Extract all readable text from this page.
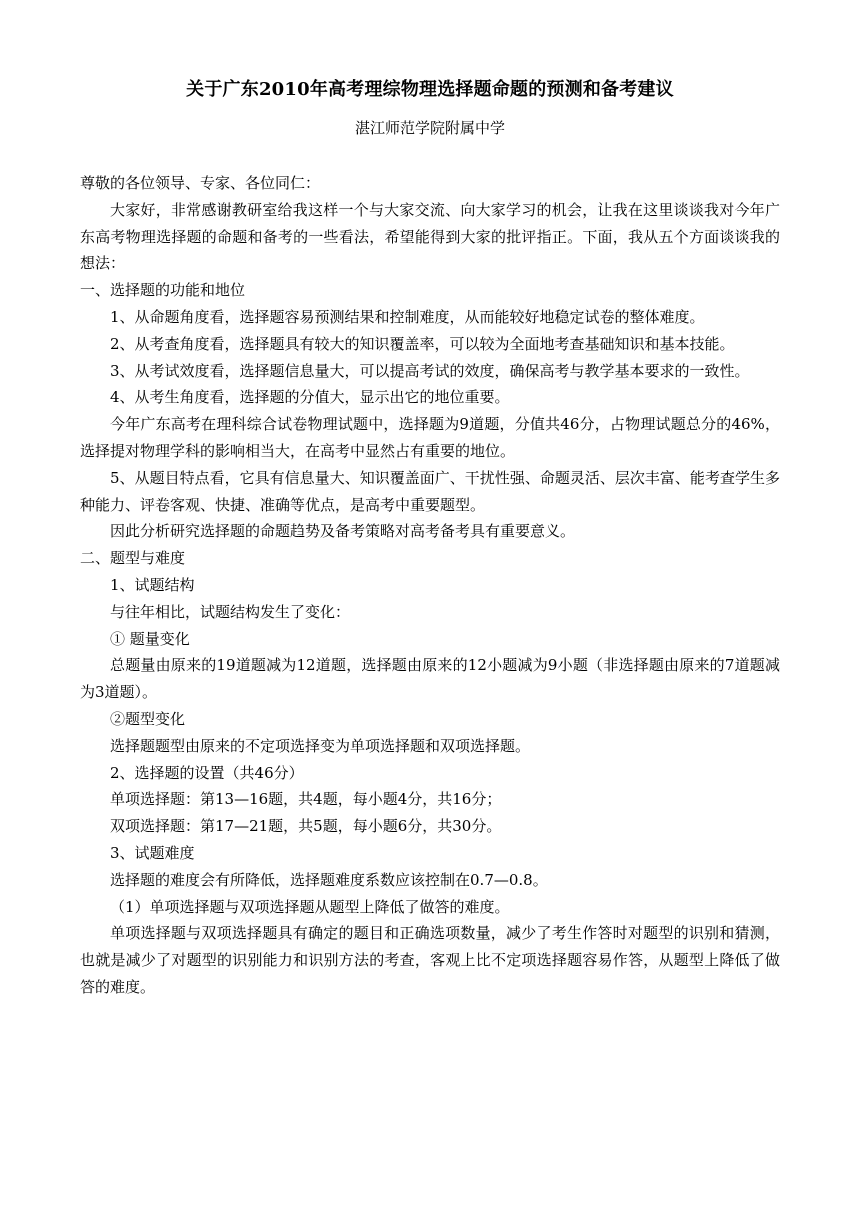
关于广东2010年高考理综物理选择题命题的预测和备考建议
湛江师范学院附属中学

尊敬的各位领导、专家、各位同仁：

大家好，非常感谢教研室给我这样一个与大家交流、向大家学习的机会，让我在这里谈谈我对今年广东高考物理选择题的命题和备考的一些看法，希望能得到大家的批评指正。下面，我从五个方面谈谈我的想法：

一、选择题的功能和地位

1、从命题角度看，选择题容易预测结果和控制难度，从而能较好地稳定试卷的整体难度。

2、从考查角度看，选择题具有较大的知识覆盖率，可以较为全面地考查基础知识和基本技能。

3、从考试效度看，选择题信息量大，可以提高考试的效度，确保高考与教学基本要求的一致性。

4、从考生角度看，选择题的分值大，显示出它的地位重要。

今年广东高考在理科综合试卷物理试题中，选择题为9道题，分值共46分，占物理试题总分的46%，选择提对物理学科的影响相当大，在高考中显然占有重要的地位。

5、从题目特点看，它具有信息量大、知识覆盖面广、干扰性强、命题灵活、层次丰富、能考查学生多种能力、评卷客观、快捷、准确等优点，是高考中重要题型。

因此分析研究选择题的命题趋势及备考策略对高考备考具有重要意义。

二、题型与难度

1、试题结构

与往年相比，试题结构发生了变化：

① 题量变化

总题量由原来的19道题减为12道题，选择题由原来的12小题减为9小题（非选择题由原来的7道题减为3道题）。

②题型变化

选择题题型由原来的不定项选择变为单项选择题和双项选择题。

2、选择题的设置（共46分）

单项选择题：第13—16题，共4题，每小题4分，共16分；

双项选择题：第17—21题，共5题，每小题6分，共30分。

3、试题难度

选择题的难度会有所降低，选择题难度系数应该控制在0.7—0.8。

（1）单项选择题与双项选择题从题型上降低了做答的难度。

单项选择题与双项选择题具有确定的题目和正确选项数量，减少了考生作答时对题型的识别和猜测，也就是减少了对题型的识别能力和识别方法的考查，客观上比不定项选择题容易作答，从题型上降低了做答的难度。
